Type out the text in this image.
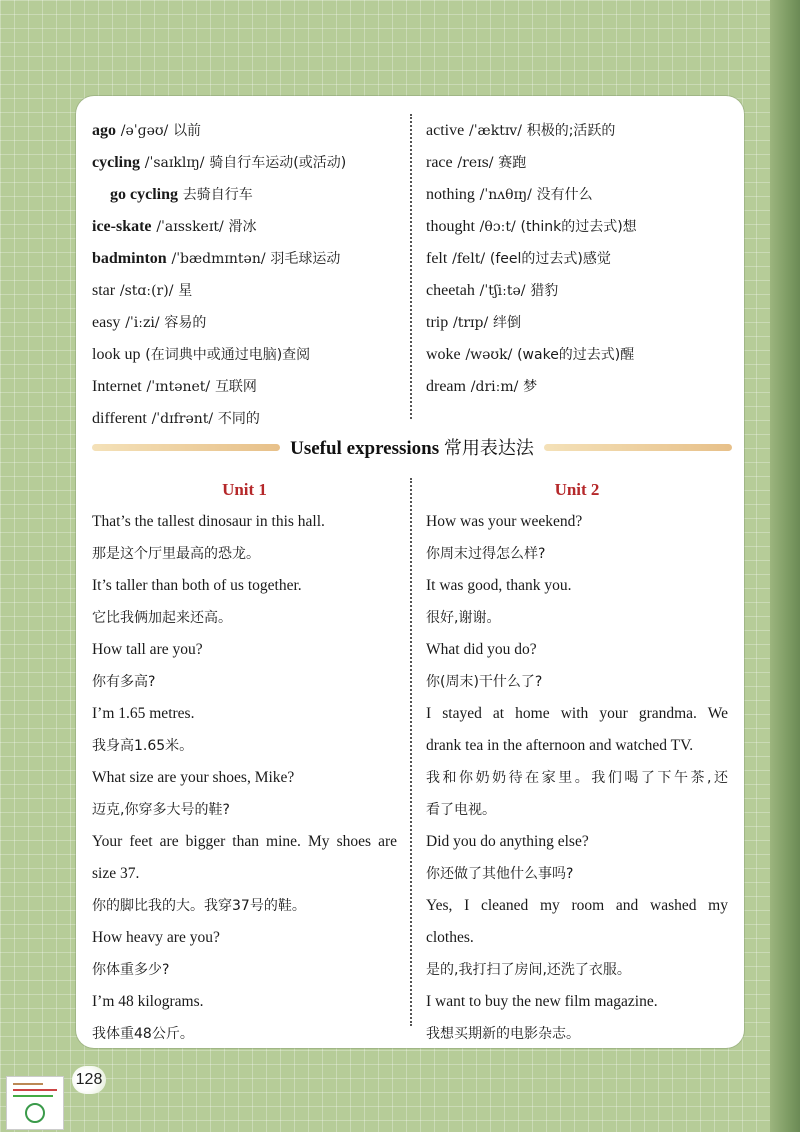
ago /əˈɡəʊ/ 以前
cycling /ˈsaɪklɪŋ/ 骑自行车运动(或活动)
go cycling 去骑自行车
ice-skate /ˈaɪsskeɪt/ 滑冰
badminton /ˈbædmɪntən/ 羽毛球运动
star /stɑː(r)/ 星
easy /ˈiːzi/ 容易的
look up (在词典中或通过电脑)查阅
Internet /ˈɪntənet/ 互联网
different /ˈdɪfrənt/ 不同的
active /ˈæktɪv/ 积极的;活跃的
race /reɪs/ 赛跑
nothing /ˈnʌθɪŋ/ 没有什么
thought /θɔːt/ (think的过去式)想
felt /felt/ (feel的过去式)感觉
cheetah /ˈtʃiːtə/ 猎豹
trip /trɪp/ 绊倒
woke /wəʊk/ (wake的过去式)醒
dream /driːm/ 梦
Useful expressions 常用表达法
Unit 1
That’s the tallest dinosaur in this hall.
那是这个厅里最高的恐龙。
It’s taller than both of us together.
它比我俩加起来还高。
How tall are you?
你有多高?
I’m 1.65 metres.
我身高1.65米。
What size are your shoes, Mike?
迈克,你穿多大号的鞋?
Your feet are bigger than mine. My shoes are
size 37.
你的脚比我的大。我穿37号的鞋。
How heavy are you?
你体重多少?
I’m 48 kilograms.
我体重48公斤。
Unit 2
How was your weekend?
你周末过得怎么样?
It was good, thank you.
很好,谢谢。
What did you do?
你(周末)干什么了?
I stayed at home with your grandma. We
drank tea in the afternoon and watched TV.
我和你奶奶待在家里。我们喝了下午茶,还
看了电视。
Did you do anything else?
你还做了其他什么事吗?
Yes, I cleaned my room and washed my
clothes.
是的,我打扫了房间,还洗了衣服。
I want to buy the new film magazine.
我想买期新的电影杂志。
128
